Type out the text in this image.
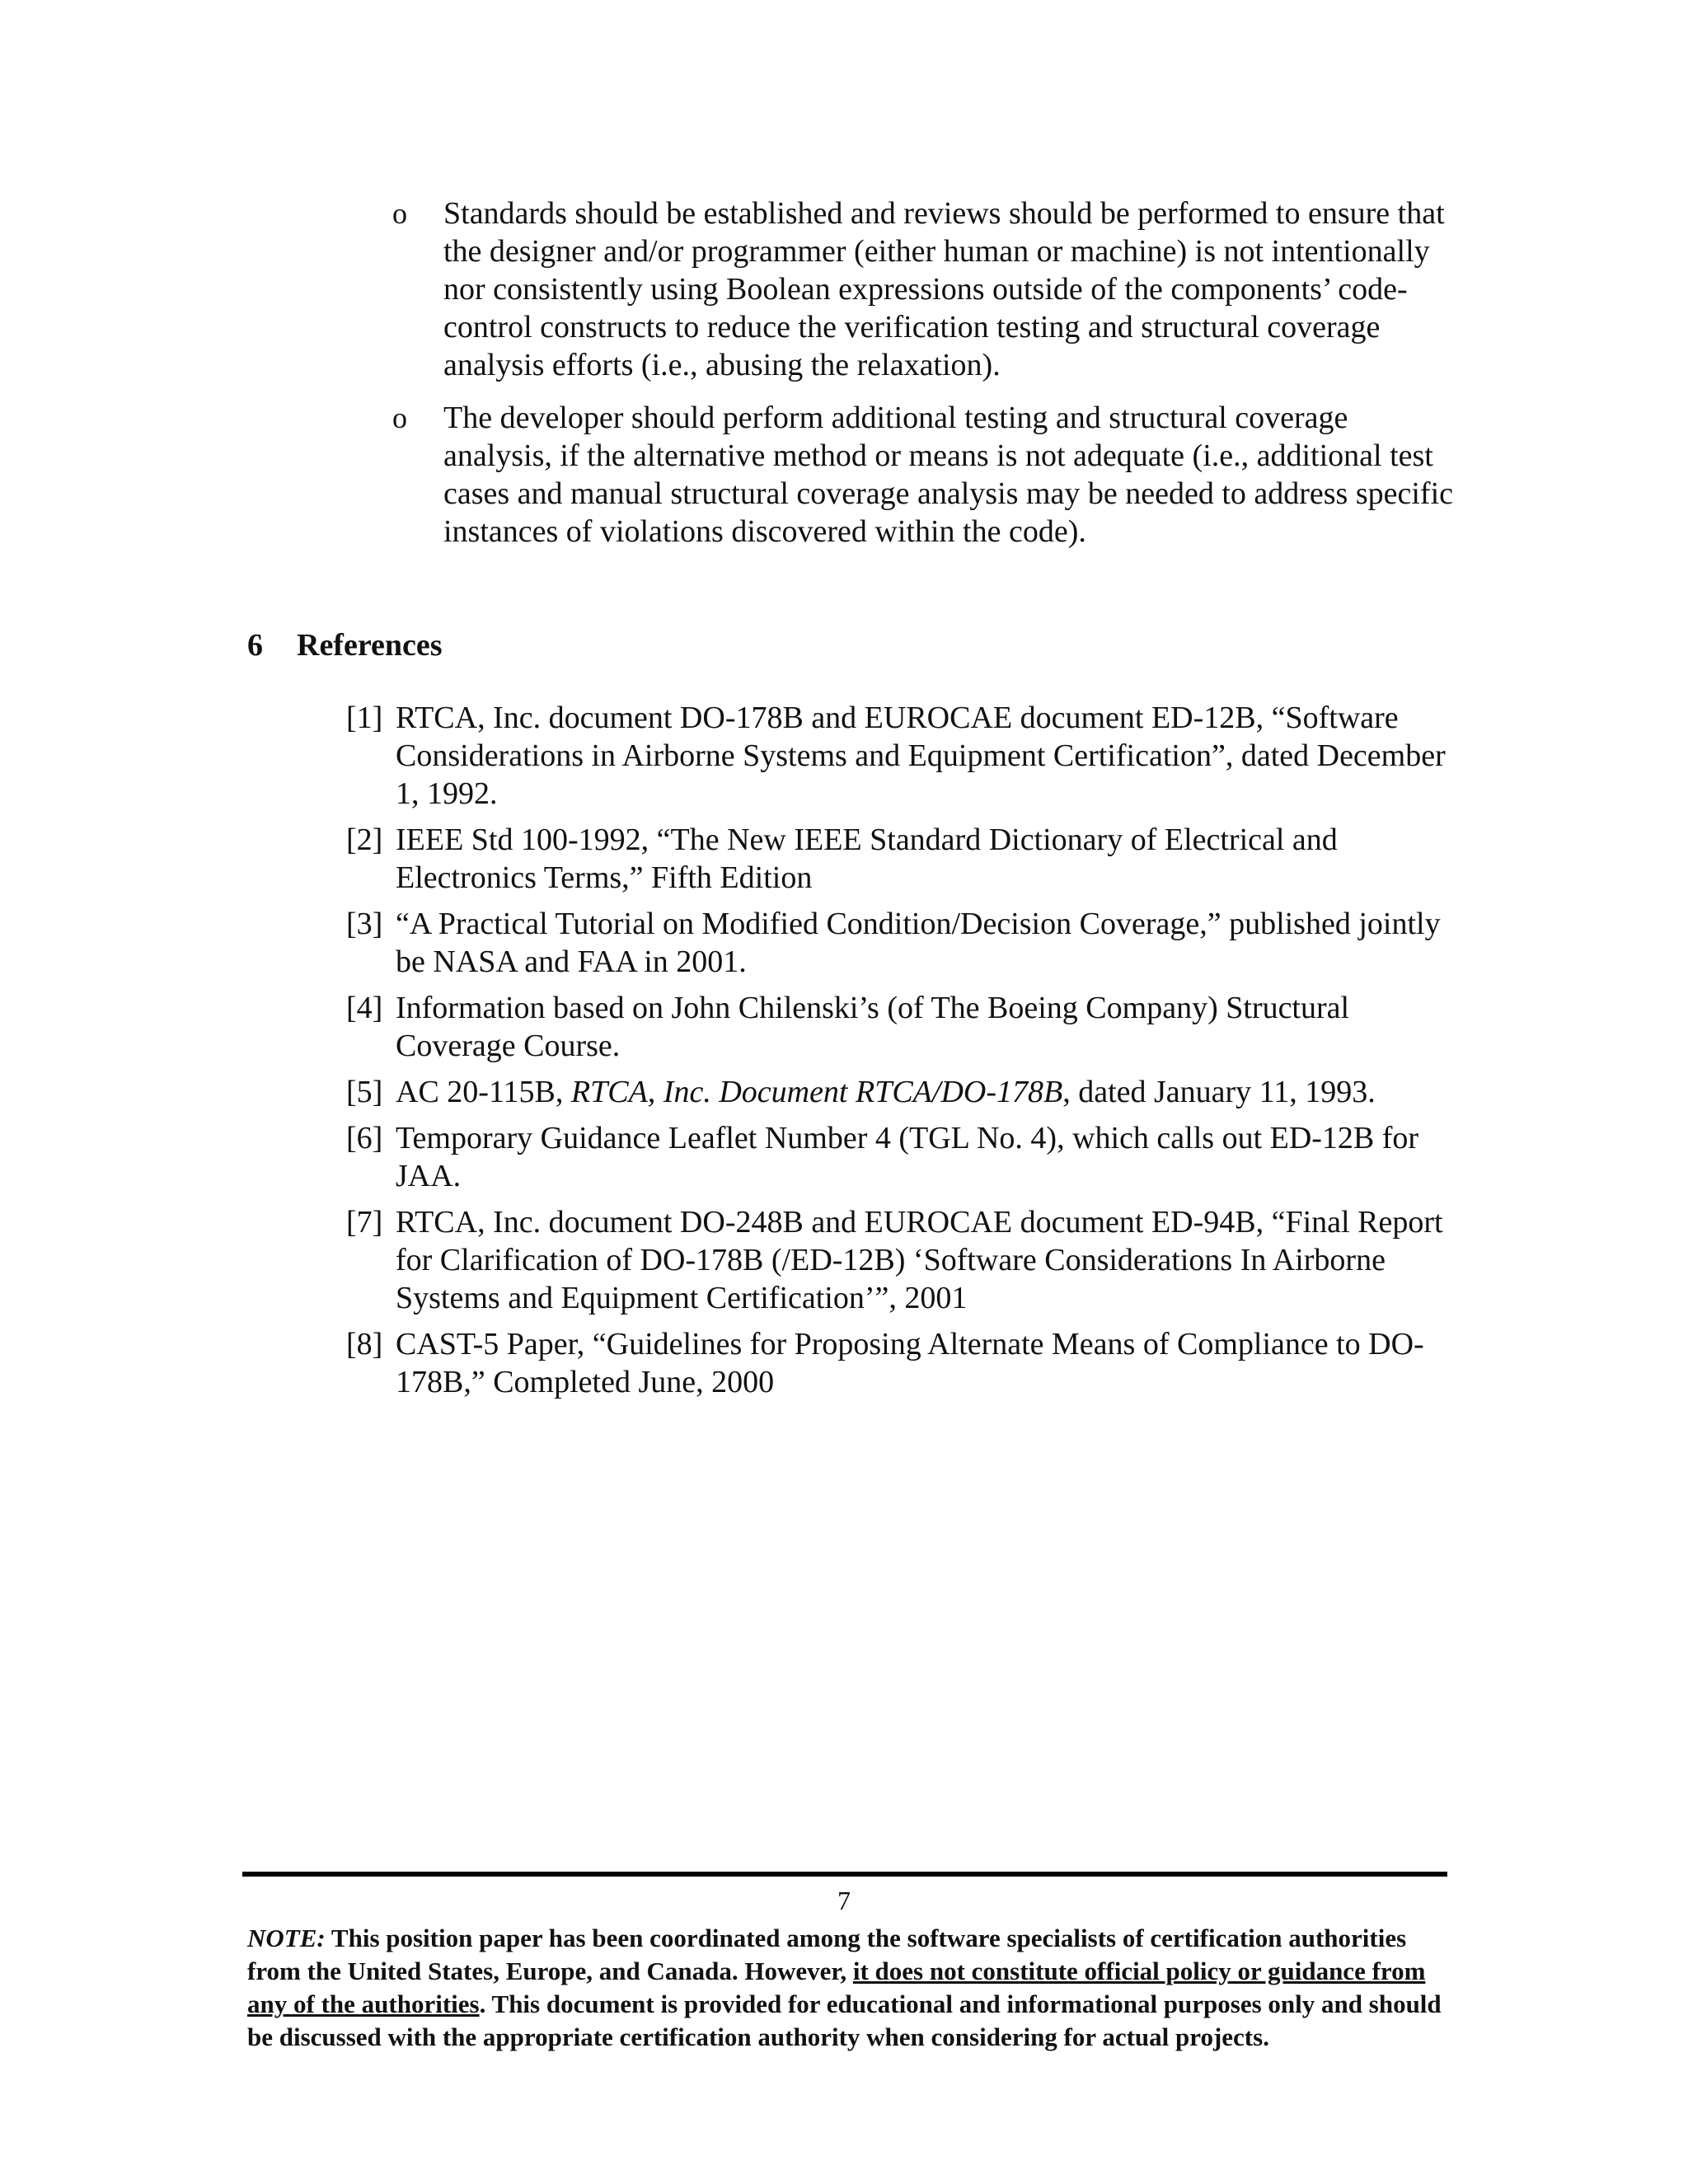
o Standards should be established and reviews should be performed to ensure that the designer and/or programmer (either human or machine) is not intentionally nor consistently using Boolean expressions outside of the components’ code-control constructs to reduce the verification testing and structural coverage analysis efforts (i.e., abusing the relaxation).
o The developer should perform additional testing and structural coverage analysis, if the alternative method or means is not adequate (i.e., additional test cases and manual structural coverage analysis may be needed to address specific instances of violations discovered within the code).
6 References
[1] RTCA, Inc. document DO-178B and EUROCAE document ED-12B, “Software Considerations in Airborne Systems and Equipment Certification”, dated December 1, 1992.
[2] IEEE Std 100-1992, “The New IEEE Standard Dictionary of Electrical and Electronics Terms,” Fifth Edition
[3] “A Practical Tutorial on Modified Condition/Decision Coverage,” published jointly be NASA and FAA in 2001.
[4] Information based on John Chilenski’s (of The Boeing Company) Structural Coverage Course.
[5] AC 20-115B, RTCA, Inc. Document RTCA/DO-178B, dated January 11, 1993.
[6] Temporary Guidance Leaflet Number 4 (TGL No. 4), which calls out ED-12B for JAA.
[7] RTCA, Inc. document DO-248B and EUROCAE document ED-94B, “Final Report for Clarification of DO-178B (/ED-12B) ‘Software Considerations In Airborne Systems and Equipment Certification’”, 2001
[8] CAST-5 Paper, “Guidelines for Proposing Alternate Means of Compliance to DO-178B,” Completed June, 2000
7

NOTE: This position paper has been coordinated among the software specialists of certification authorities from the United States, Europe, and Canada. However, it does not constitute official policy or guidance from any of the authorities. This document is provided for educational and informational purposes only and should be discussed with the appropriate certification authority when considering for actual projects.
